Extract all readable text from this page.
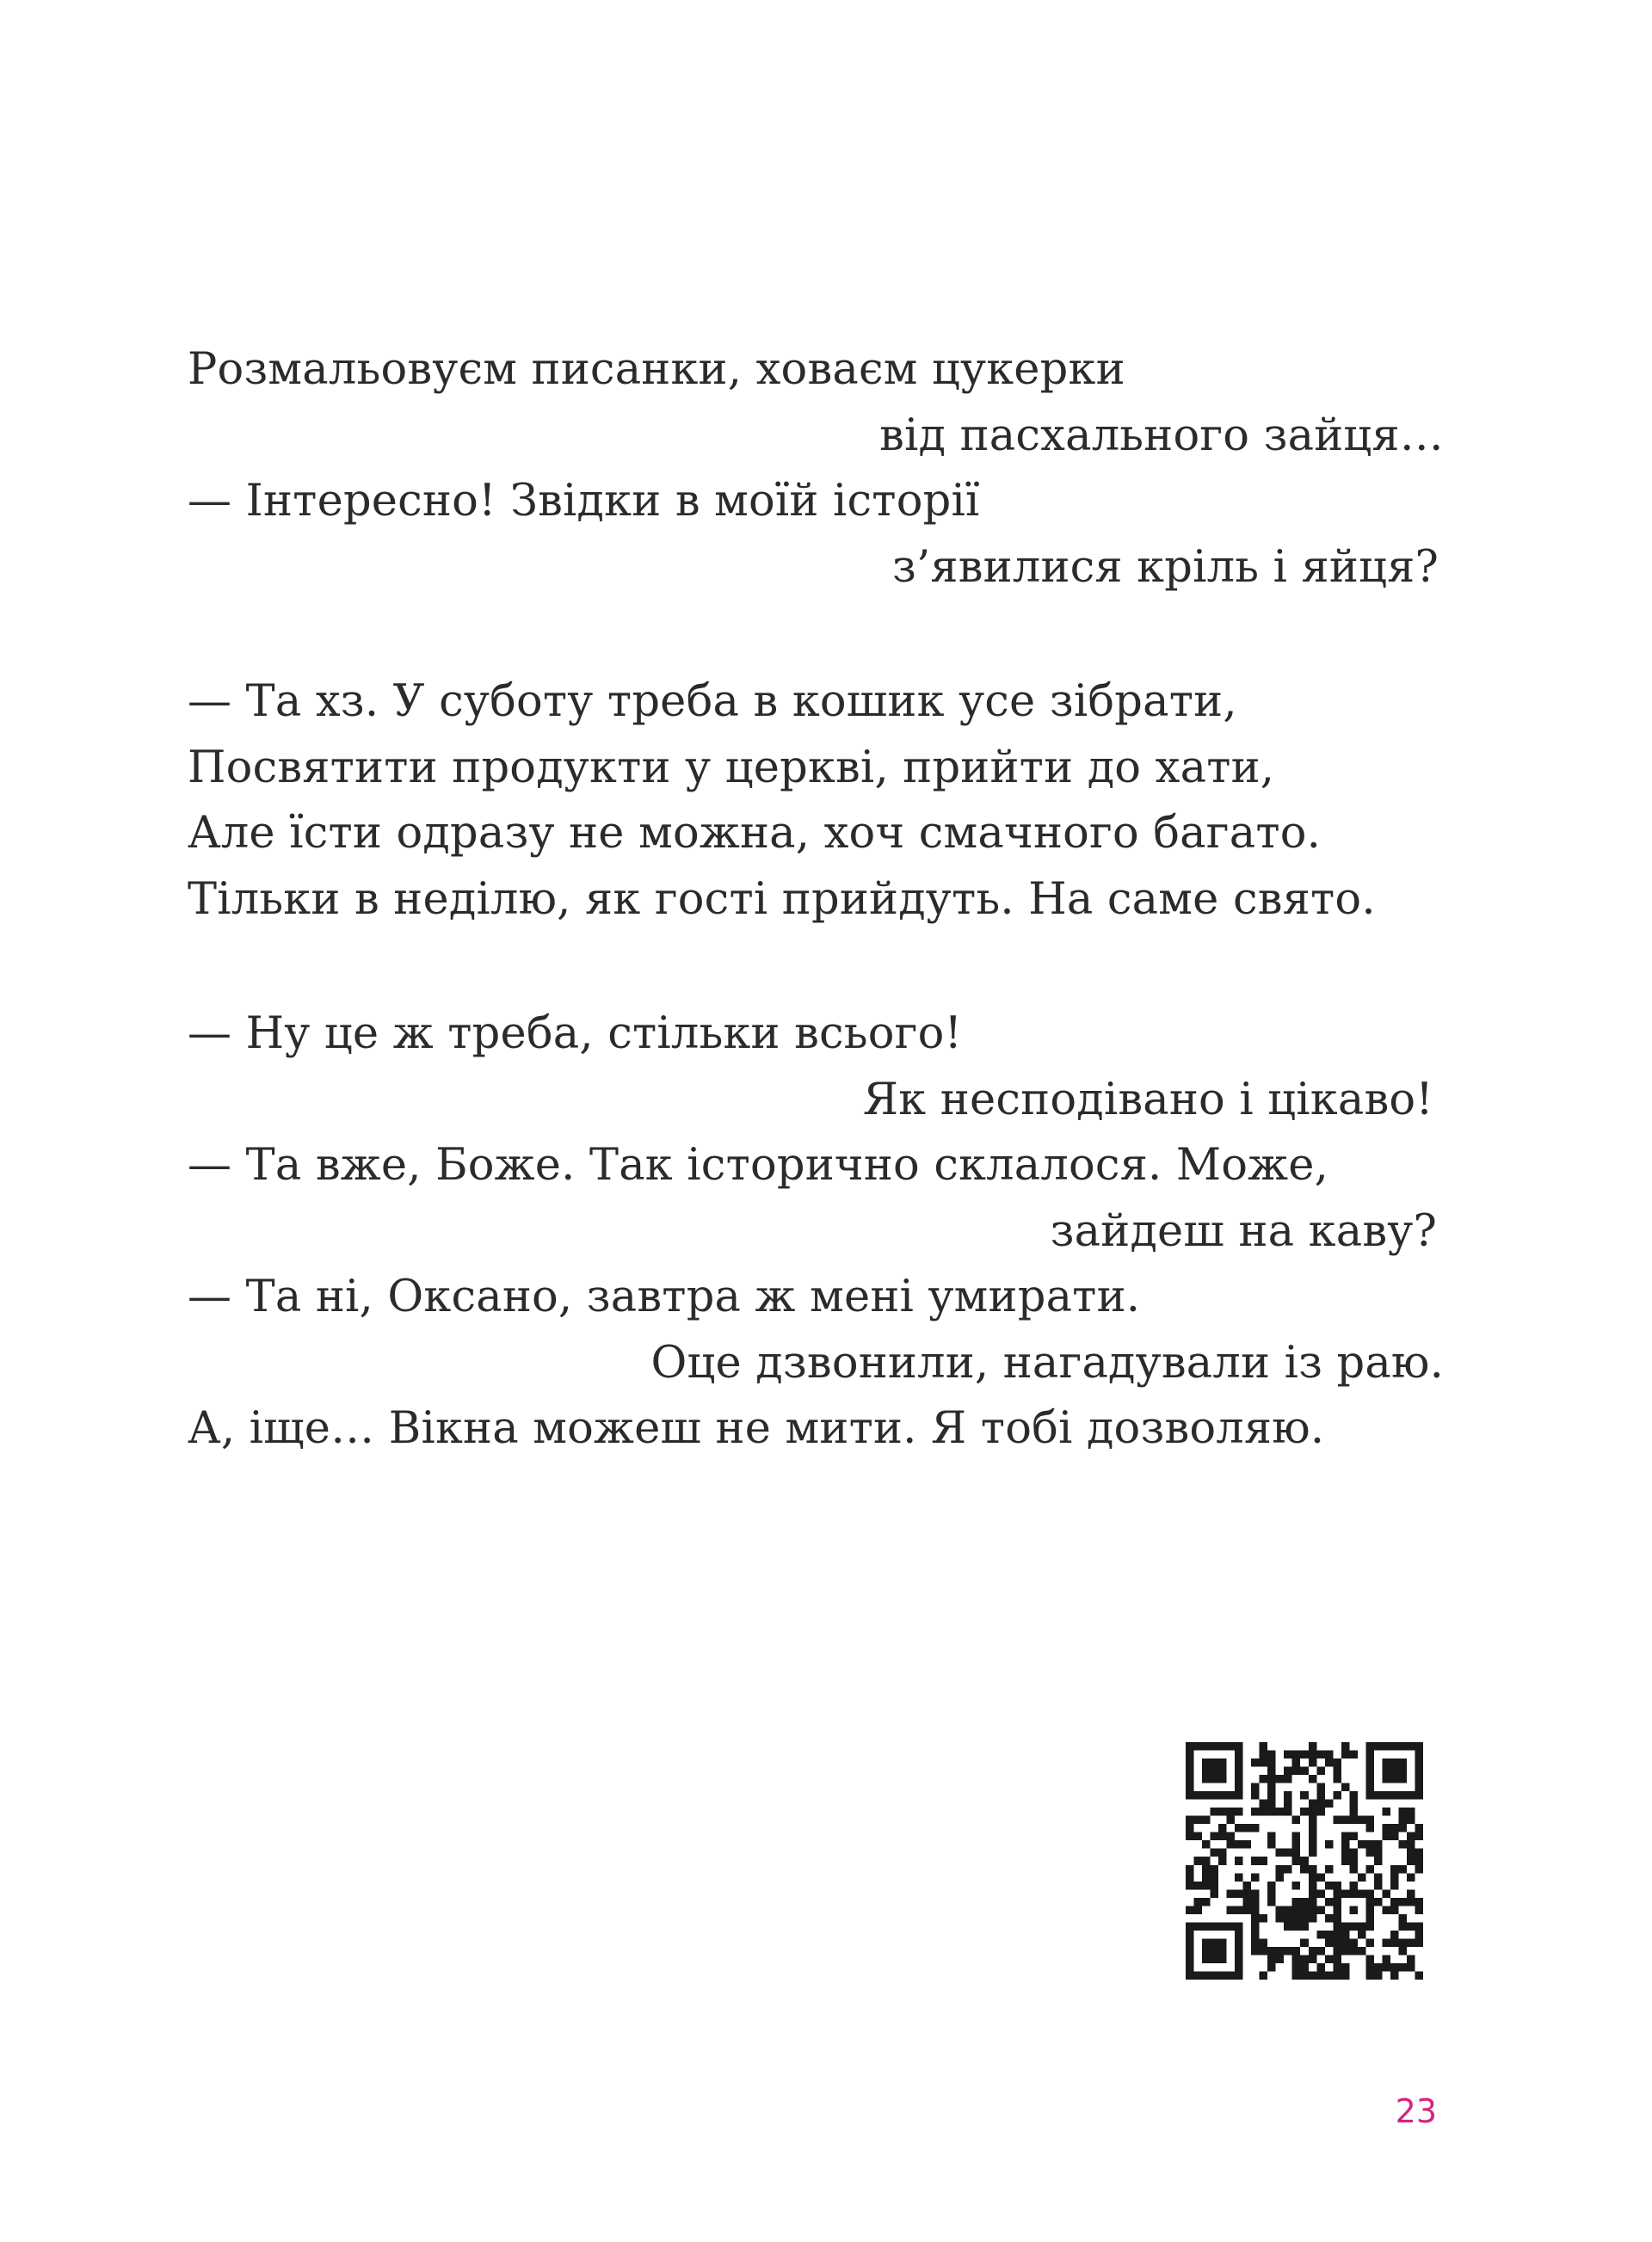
Розмальовуєм писанки, ховаєм цукерки
від пасхального зайця…
— Інтересно! Звідки в моїй історії
з’явилися кріль і яйця?
— Та хз. У суботу треба в кошик усе зібрати,
Посвятити продукти у церкві, прийти до хати,
Але їсти одразу не можна, хоч смачного багато.
Тільки в неділю, як гості прийдуть. На саме свято.
— Ну це ж треба, стільки всього!
Як несподівано і цікаво!
— Та вже, Боже. Так історично склалося. Може,
зайдеш на каву?
— Та ні, Оксано, завтра ж мені умирати.
Оце дзвонили, нагадували із раю.
А, іще… Вікна можеш не мити. Я тобі дозволяю.
23
